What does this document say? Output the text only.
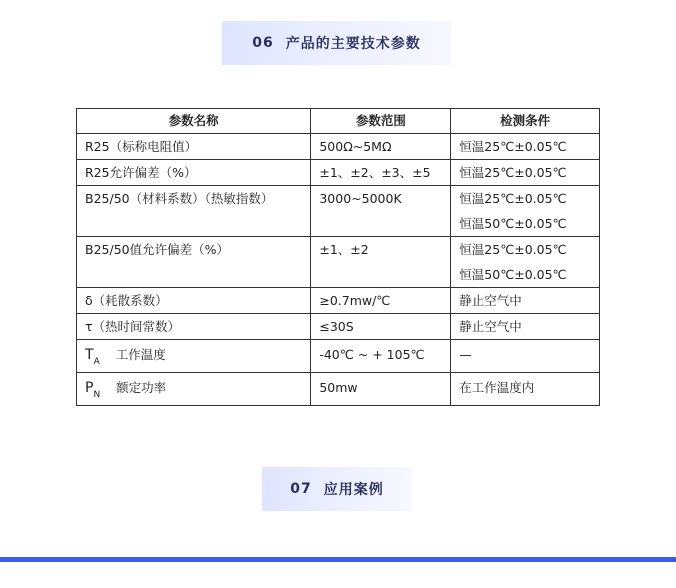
06 产品的主要技术参数
参数名称	参数范围	检测条件
R25（标称电阻值）	500Ω~5MΩ	恒温25℃±0.05℃

R25允许偏差（%）	±1、±2、±3、±5	恒温25℃±0.05℃

B25/50（材料系数）（热敏指数）	3000~5000K	恒温25℃±0.05℃
恒温50℃±0.05℃

B25/50值允许偏差（%）	±1、±2	恒温25℃±0.05℃
恒温50℃±0.05℃

δ（耗散系数）	≥0.7mw/℃	静止空气中

τ（热时间常数）	≤30S	静止空气中

$T_A$ 工作温度	-40℃ ~ + 105℃	—

$P_N$ 额定功率	50mw	在工作温度内
07 应用案例
